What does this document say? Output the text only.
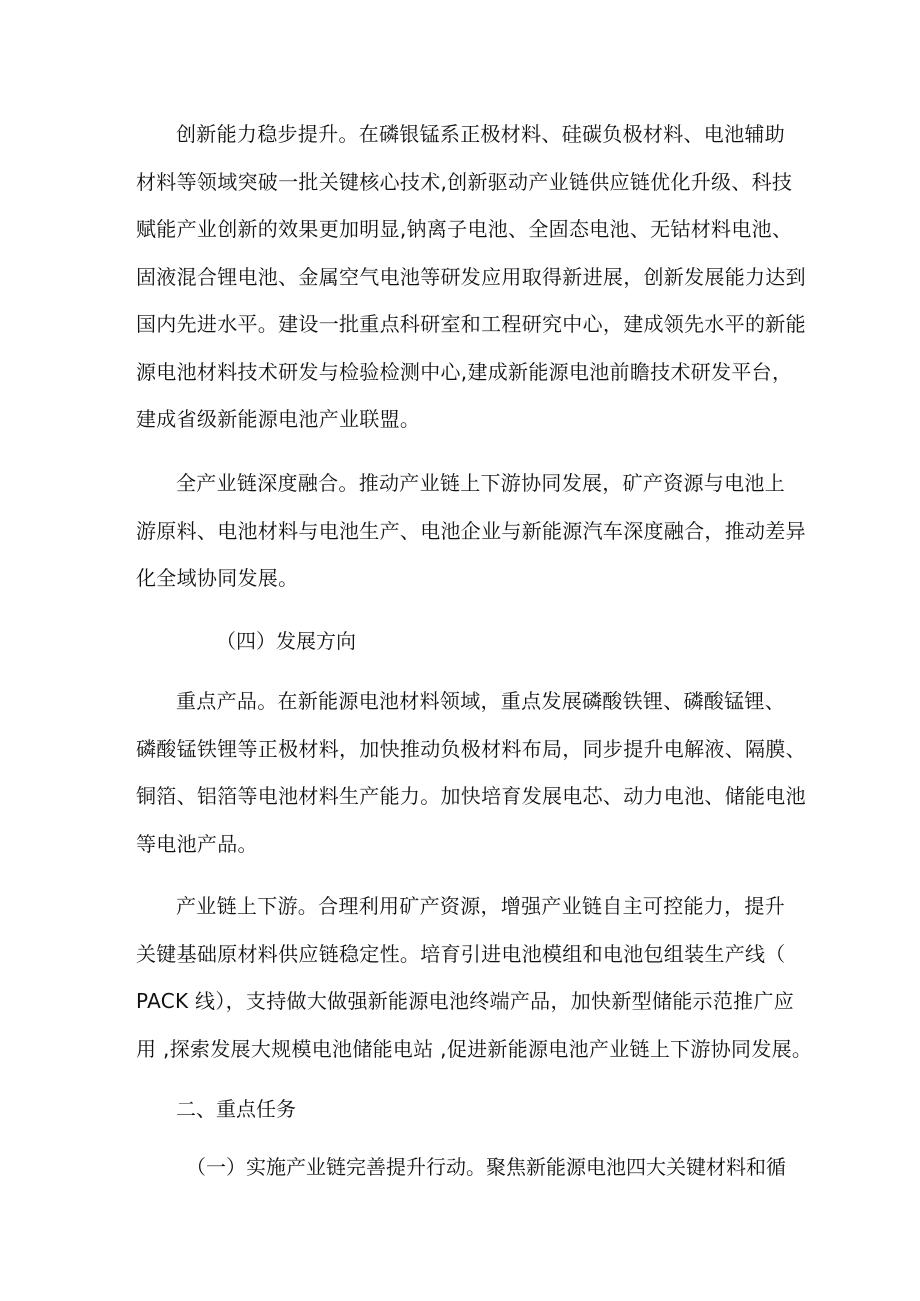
创新能力稳步提升。在磷银锰系正极材料、硅碳负极材料、电池辅助
材料等领域突破一批关键核心技术,创新驱动产业链供应链优化升级、科技
赋能产业创新的效果更加明显,钠离子电池、全固态电池、无钴材料电池、
固液混合锂电池、金属空气电池等研发应用取得新进展，创新发展能力达到
国内先进水平。建设一批重点科研室和工程研究中心，建成领先水平的新能
源电池材料技术研发与检验检测中心,建成新能源电池前瞻技术研发平台，
建成省级新能源电池产业联盟。
全产业链深度融合。推动产业链上下游协同发展，矿产资源与电池上
游原料、电池材料与电池生产、电池企业与新能源汽车深度融合，推动差异
化全域协同发展。
（四）发展方向
重点产品。在新能源电池材料领域，重点发展磷酸铁锂、磷酸锰锂、
磷酸锰铁锂等正极材料，加快推动负极材料布局，同步提升电解液、隔膜、
铜箔、铝箔等电池材料生产能力。加快培育发展电芯、动力电池、储能电池
等电池产品。
产业链上下游。合理利用矿产资源，增强产业链自主可控能力，提升
关键基础原材料供应链稳定性。培育引进电池模组和电池包组装生产线（
PACK 线），支持做大做强新能源电池终端产品，加快新型储能示范推广应
用 ,探索发展大规模电池储能电站 ,促进新能源电池产业链上下游协同发展。
二、重点任务
（一）实施产业链完善提升行动。聚焦新能源电池四大关键材料和循
